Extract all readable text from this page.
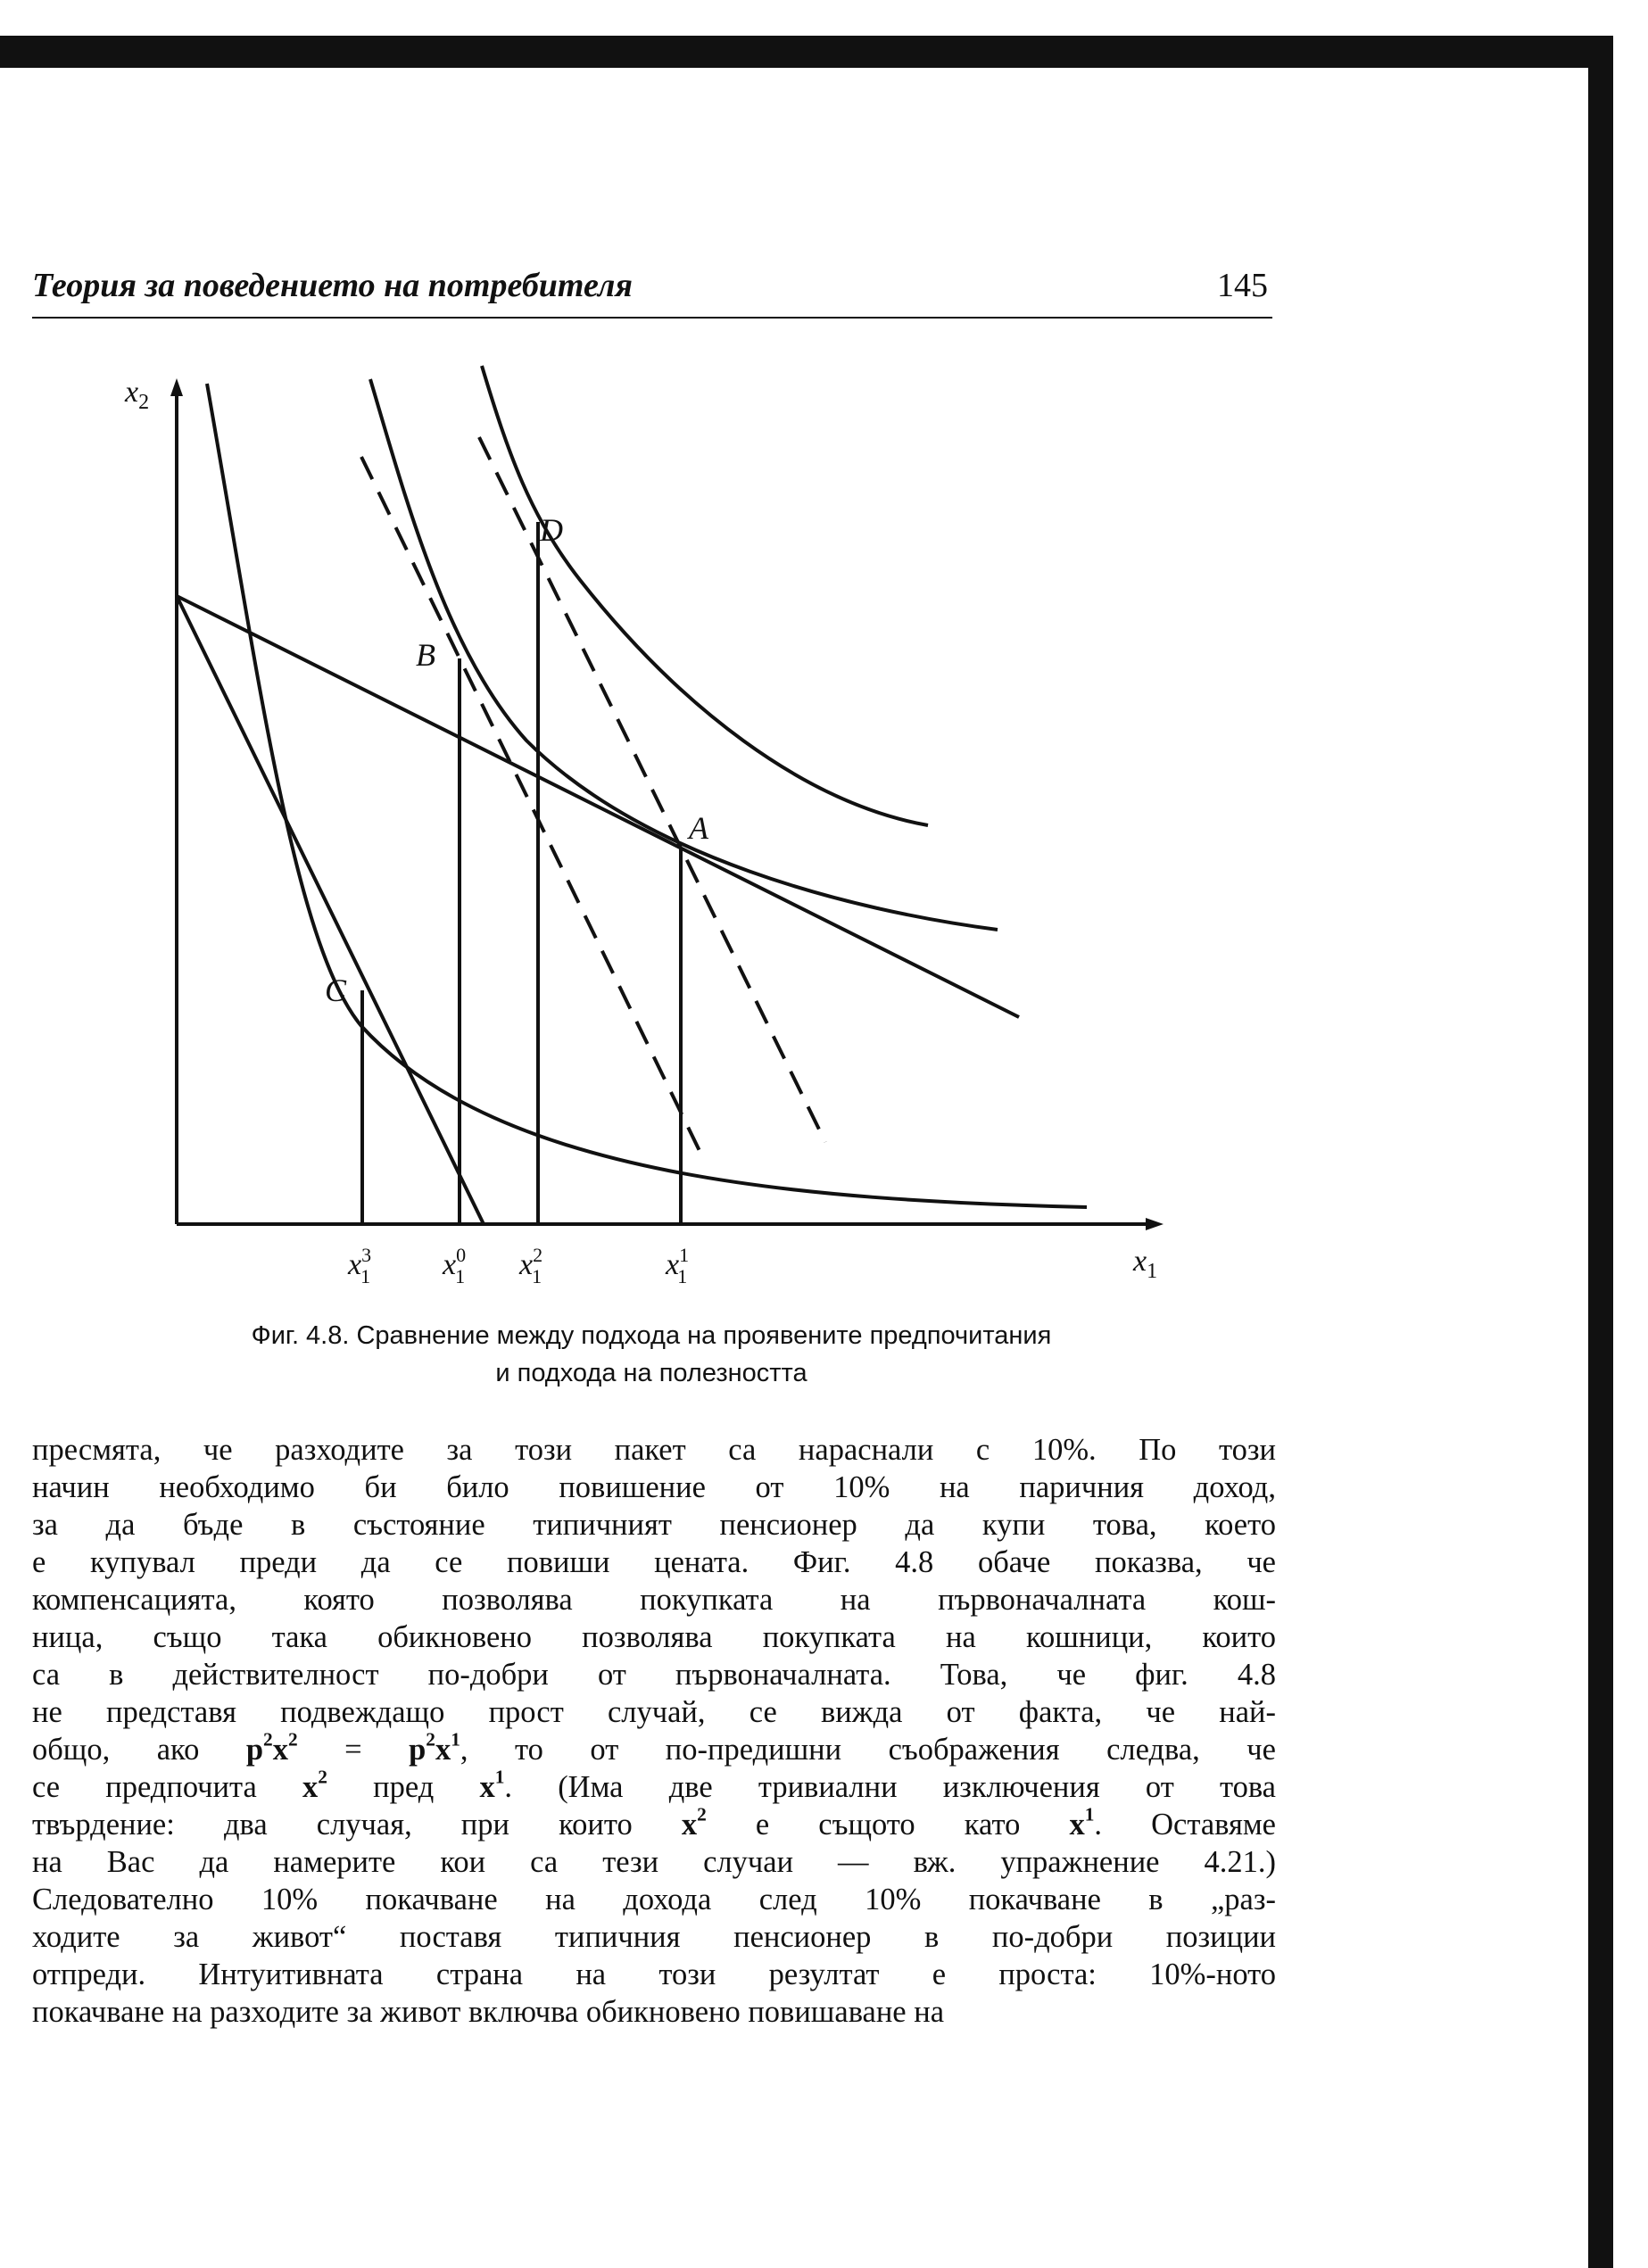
Теория за поведението на потребителя	145
$x_2$
$x_1$
D
B
A
C
$x^3$ 1 $x^0$ 1 $x^2$ 1	$x^1$ 1
Фиг. 4.8. Сравнение между подхода на проявените предпочитания
и подхода на полезността
пресмята, че разходите за този пакет са нараснали с 10%. По този
начин необходимо би било повишение от 10% на паричния доход,
за да бъде в състояние типичният пенсионер да купи това, което
е купувал преди да се повиши цената. Фиг. 4.8 обаче показва, че
компенсацията, която позволява покупката на първоначалната кош-
ница, също така обикновено позволява покупката на кошници, които
са в действителност по-добри от първоначалната. Това, че фиг. 4.8
не представя подвеждащо прост случай, се вижда от факта, че най-
общо, ако $p^2x^2 = p^2x^1$, то от по-предишни съображения следва, че
се предпочита $x^2$ пред $x^1$. (Има две тривиални изключения от това
твърдение: два случая, при които $x^2$ е същото като $x^1$. Оставяме
на Вас да намерите кои са тези случаи — вж. упражнение 4.21.)
Следователно 10% покачване на дохода след 10% покачване в „раз-
ходите за живот“ поставя типичния пенсионер в по-добри позиции
отпреди. Интуитивната страна на този резултат е проста: 10%-ното
покачване на разходите за живот включва обикновено повишаване на
